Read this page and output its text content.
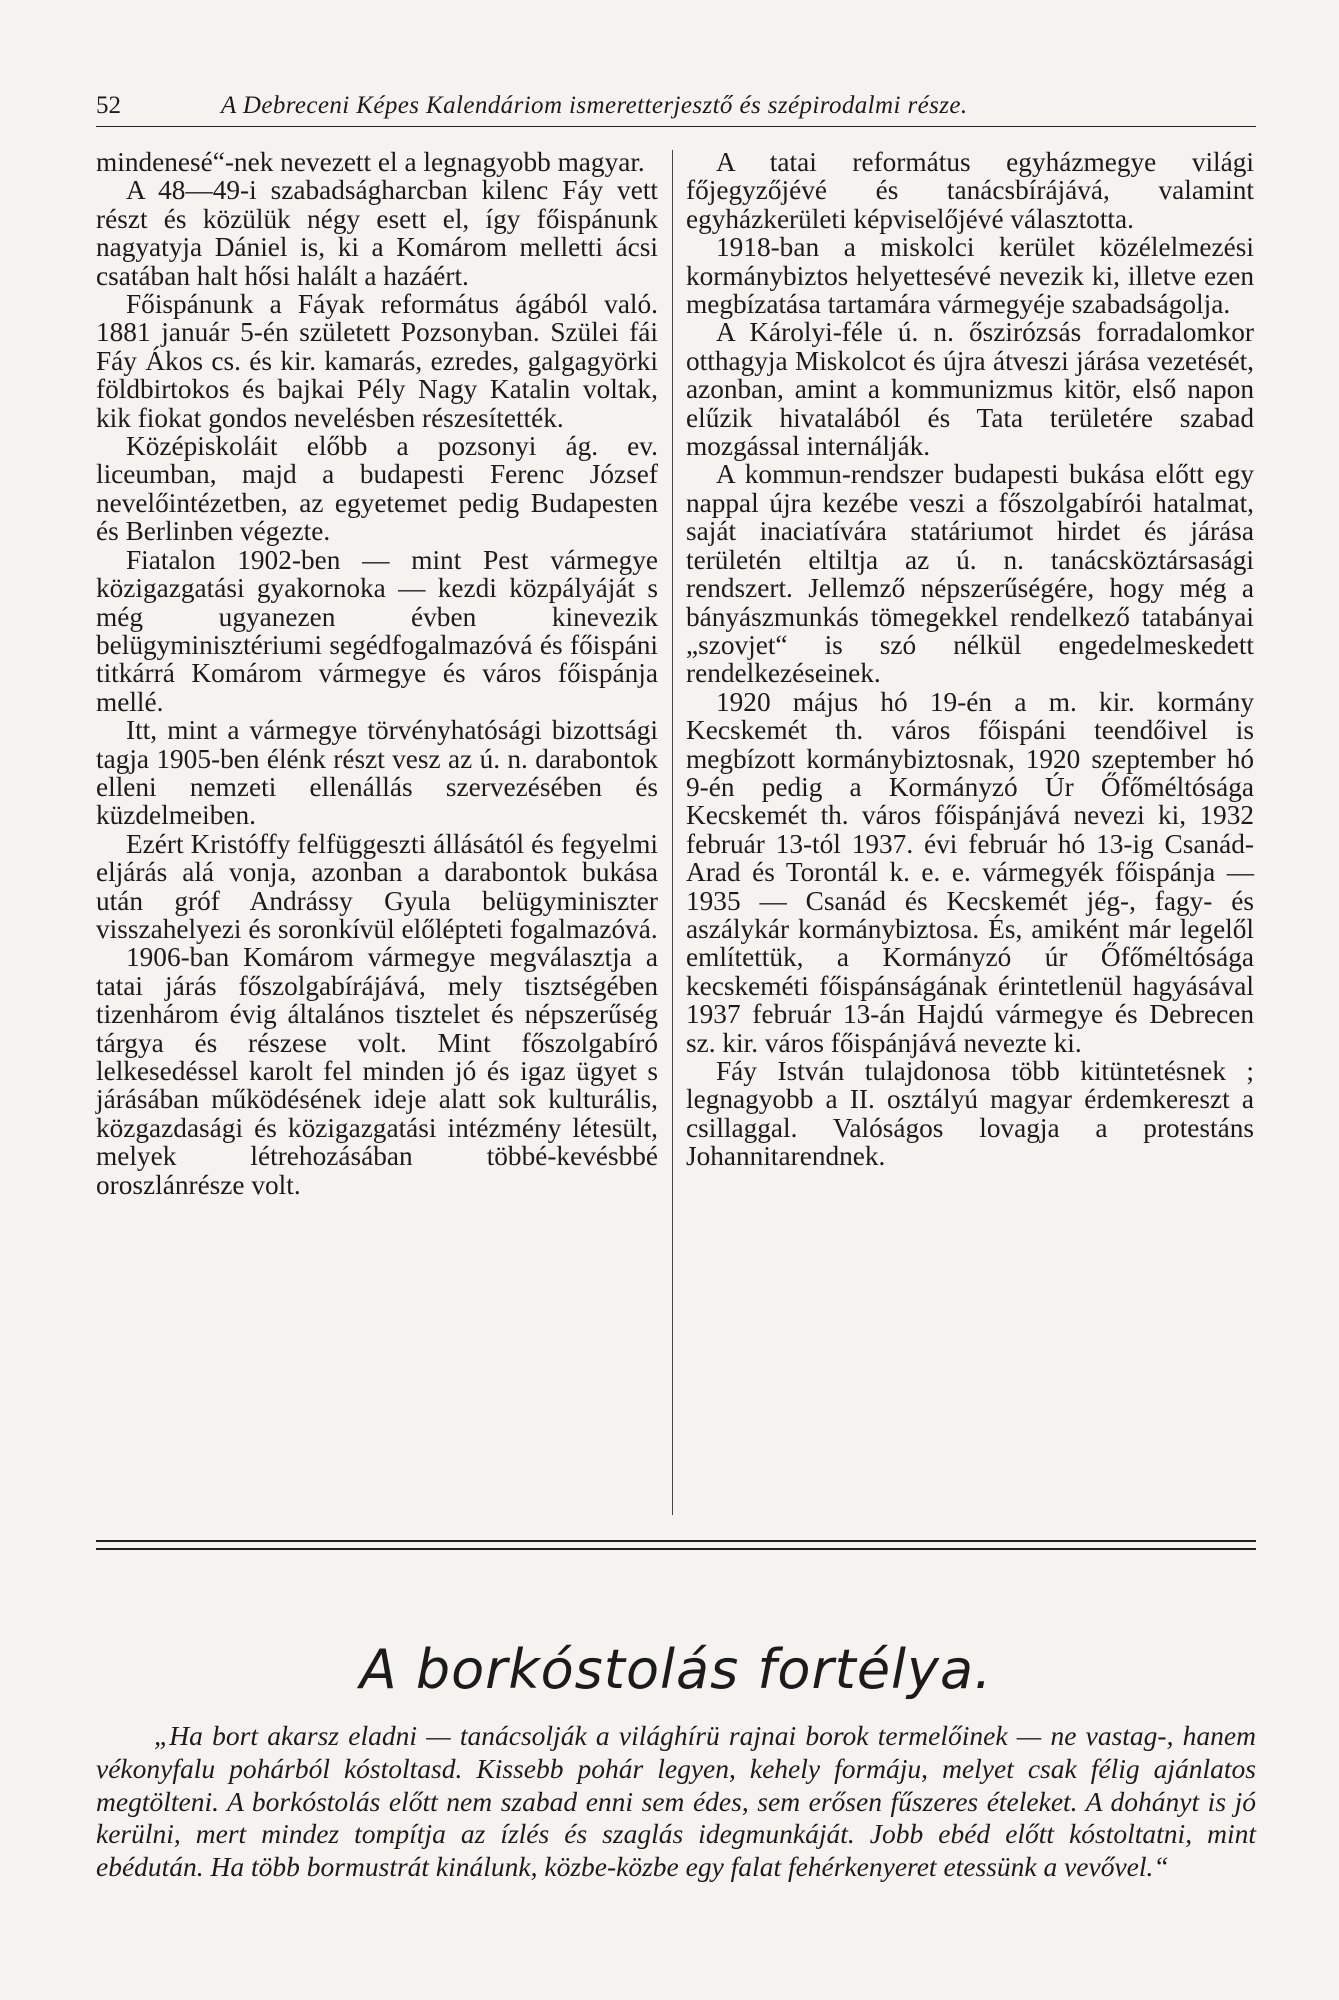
52	A Debreceni Képes Kalendáriom ismeretterjesztő és szépirodalmi része.

mindenesé“-nek nevezett el a legnagyobb magyar.

A 48—49-i szabadságharcban kilenc Fáy vett részt és közülük négy esett el, így főispánunk nagyatyja Dániel is, ki a Komárom melletti ácsi csatában halt hősi halált a hazáért.

Főispánunk a Fáyak református ágából való. 1881 január 5-én született Pozsonyban. Szülei fái Fáy Ákos cs. és kir. kamarás, ezredes, galgagyörki földbirtokos és bajkai Pély Nagy Katalin voltak, kik fiokat gondos nevelésben részesítették.

Középiskoláit előbb a pozsonyi ág. ev. liceumban, majd a budapesti Ferenc József nevelőintézetben, az egyetemet pedig Budapesten és Berlinben végezte.

Fiatalon 1902-ben — mint Pest vármegye közigazgatási gyakornoka — kezdi közpályáját s még ugyanezen évben kinevezik belügyminisztériumi segédfogalmazóvá és főispáni titkárrá Komárom vármegye és város főispánja mellé.

Itt, mint a vármegye törvényhatósági bizottsági tagja 1905-ben élénk részt vesz az ú. n. darabontok elleni nemzeti ellenállás szervezésében és küzdelmeiben.

Ezért Kristóffy felfüggeszti állásától és fegyelmi eljárás alá vonja, azonban a darabontok bukása után gróf Andrássy Gyula belügyminiszter visszahelyezi és soronkívül előlépteti fogalmazóvá.

1906-ban Komárom vármegye megválasztja a tatai járás főszolgabírájává, mely tisztségében tizenhárom évig általános tisztelet és népszerűség tárgya és részese volt. Mint főszolgabíró lelkesedéssel karolt fel minden jó és igaz ügyet s járásában működésének ideje alatt sok kulturális, közgazdasági és közigazgatási intézmény létesült, melyek létrehozásában többé-kevésbbé oroszlánrésze volt.

A tatai református egyházmegye világi főjegyzőjévé és tanácsbírájává, valamint egyházkerületi képviselőjévé választotta.

1918-ban a miskolci kerület közélelmezési kormánybiztos helyettesévé nevezik ki, illetve ezen megbízatása tartamára vármegyéje szabadságolja.

A Károlyi-féle ú. n. őszirózsás forradalomkor otthagyja Miskolcot és újra átveszi járása vezetését, azonban, amint a kommunizmus kitör, első napon elűzik hivatalából és Tata területére szabad mozgással internálják.

A kommun-rendszer budapesti bukása előtt egy nappal újra kezébe veszi a főszolgabírói hatalmat, saját inaciatívára statáriumot hirdet és járása területén eltiltja az ú. n. tanácsköztársasági rendszert. Jellemző népszerűségére, hogy még a bányászmunkás tömegekkel rendelkező tatabányai „szovjet“ is szó nélkül engedelmeskedett rendelkezéseinek.

1920 május hó 19-én a m. kir. kormány Kecskemét th. város főispáni teendőivel is megbízott kormánybiztosnak, 1920 szeptember hó 9-én pedig a Kormányzó Úr Őfőméltósága Kecskemét th. város főispánjává nevezi ki, 1932 február 13-tól 1937. évi február hó 13-ig Csanád-Arad és Torontál k. e. e. vármegyék főispánja — 1935 — Csanád és Kecskemét jég-, fagy- és aszálykár kormánybiztosa. És, amiként már legelől említettük, a Kormányzó úr Őfőméltósága kecskeméti főispánságának érintetlenül hagyásával 1937 február 13-án Hajdú vármegye és Debrecen sz. kir. város főispánjává nevezte ki.

Fáy István tulajdonosa több kitüntetésnek ; legnagyobb a II. osztályú magyar érdemkereszt a csillaggal. Valóságos lovagja a protestáns Johannitarendnek.

A borkóstolás fortélya.

„Ha bort akarsz eladni — tanácsolják a világhírü rajnai borok termelőinek — ne vastag-, hanem vékonyfalu pohárból kóstoltasd. Kissebb pohár legyen, kehely formáju, melyet csak félig ajánlatos megtölteni. A borkóstolás előtt nem szabad enni sem édes, sem erősen fűszeres ételeket. A dohányt is jó kerülni, mert mindez tompítja az ízlés és szaglás idegmunkáját. Jobb ebéd előtt kóstoltatni, mint ebédután. Ha több bormustrát kinálunk, közbe-közbe egy falat fehérkenyeret etessünk a vevővel.“
